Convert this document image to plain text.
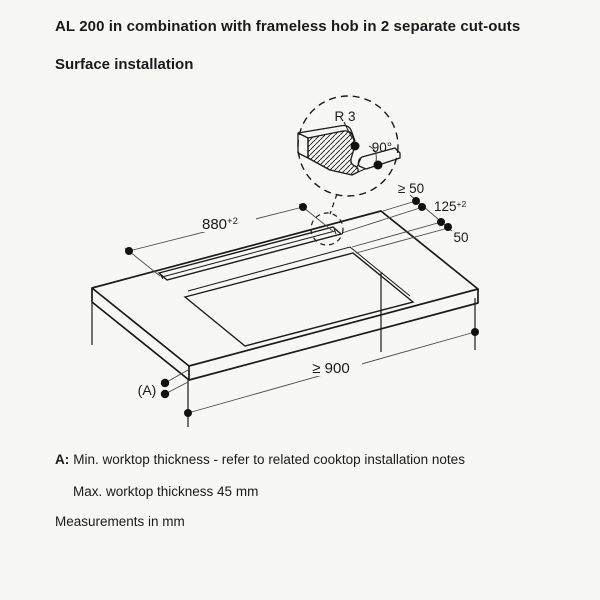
AL 200 in combination with frameless hob in 2 separate cut-outs
Surface installation
$880^{+2}$
≥ 50
$125^{+2}$
50
≥ 900
(A)
R 3
90°
A: Min. worktop thickness - refer to related cooktop installation notes
Max. worktop thickness 45 mm
Measurements in mm
